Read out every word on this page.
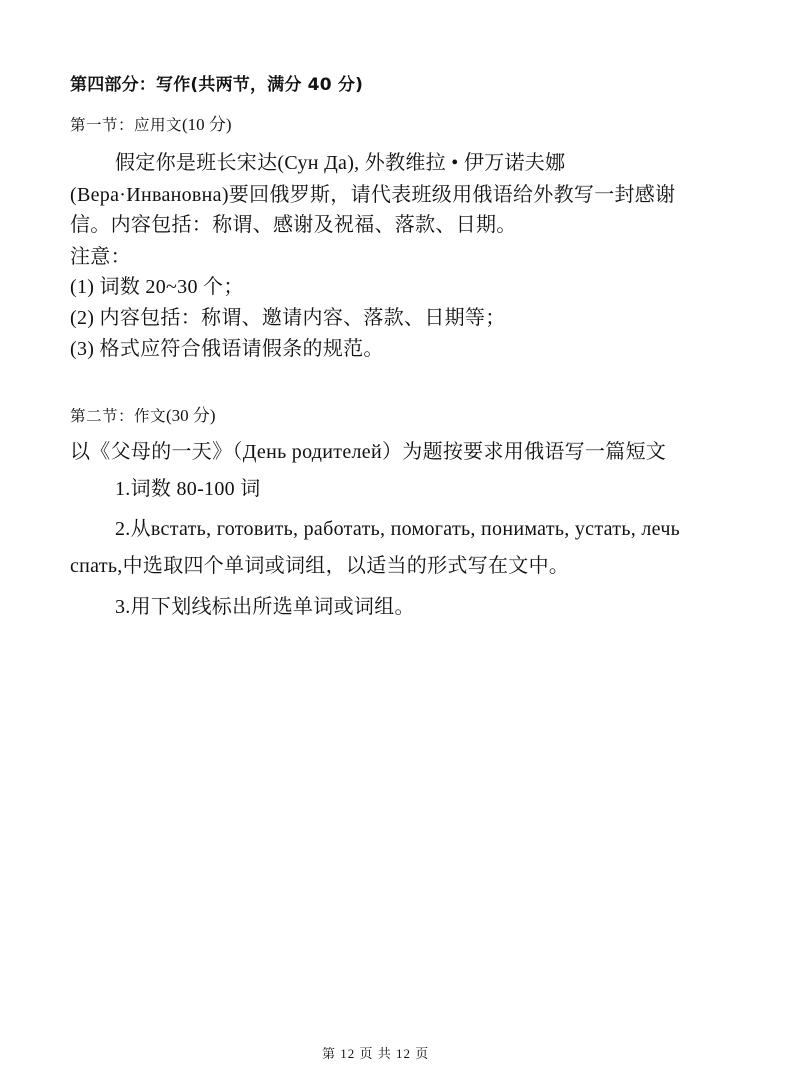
第四部分：写作(共两节，满分 40 分)
第一节：应用文(10 分)
假定你是班长宋达(Сун Да), 外教维拉 • 伊万诺夫娜
(Вера·Инвановна)要回俄罗斯，请代表班级用俄语给外教写一封感谢
信。内容包括：称谓、感谢及祝福、落款、日期。
注意：
(1) 词数 20~30 个；
(2) 内容包括：称谓、邀请内容、落款、日期等；
(3) 格式应符合俄语请假条的规范。
第二节：作文(30 分)
以《父母的一天》（День родителей）为题按要求用俄语写一篇短文
1.词数 80-100 词
2.从встать, готовить, работать, помогать, понимать, устать, лечь
спать,中选取四个单词或词组，以适当的形式写在文中。
3.用下划线标出所选单词或词组。
第 12 页 共 12 页
